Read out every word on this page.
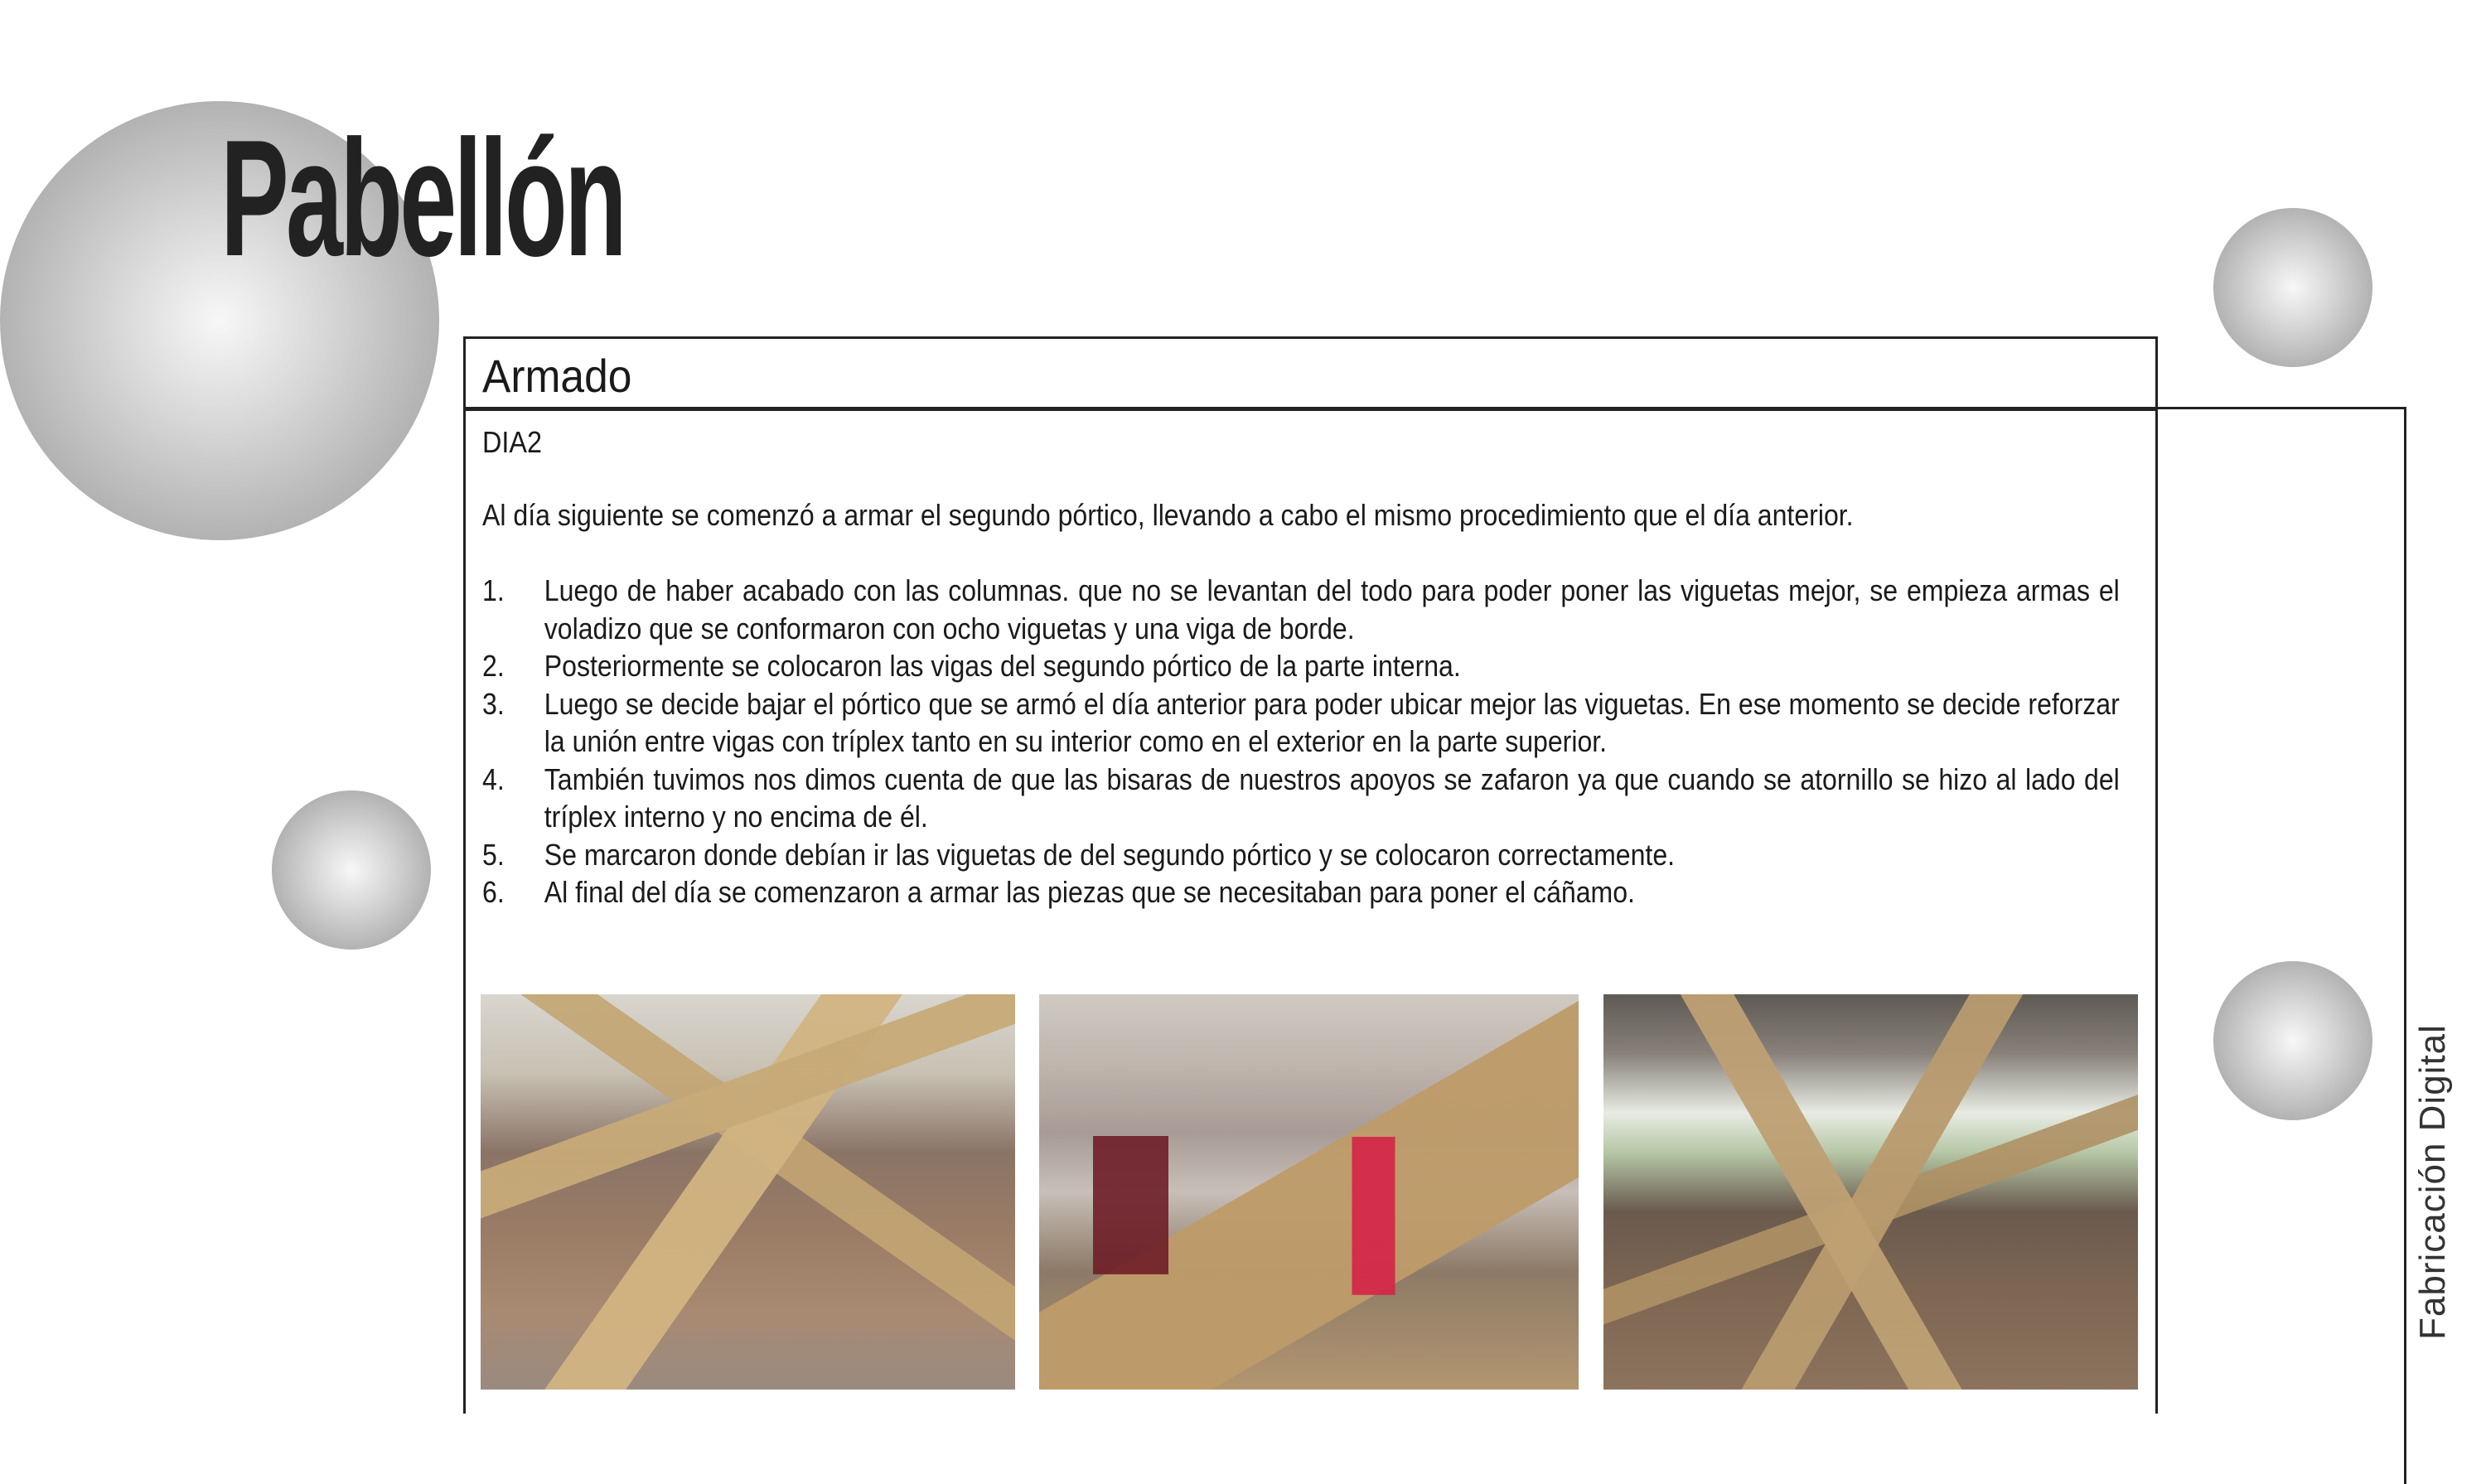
Pabellón
Armado
DIA2
Al día siguiente se comenzó a armar el segundo pórtico, llevando a cabo el mismo procedimiento que el día anterior.
1. Luego de haber acabado con las columnas. que no se levantan del todo para poder poner las viguetas mejor, se empieza armas el voladizo que se conformaron con ocho viguetas y una viga de borde.
2. Posteriormente se colocaron las vigas del segundo pórtico de la parte interna.
3. Luego se decide bajar el pórtico que se armó el día anterior para poder ubicar mejor las viguetas. En ese momento se decide reforzar la unión entre vigas con tríplex tanto en su interior como en el exterior en la parte superior.
4. También tuvimos nos dimos cuenta de que las bisaras de nuestros apoyos se zafaron ya que cuando se atornillo se hizo al lado del tríplex interno y no encima de él.
5. Se marcaron donde debían ir las viguetas de del segundo pórtico y se colocaron correctamente.
6. Al final del día se comenzaron a armar las piezas que se necesitaban para poner el cáñamo.
Fabricación Digital
